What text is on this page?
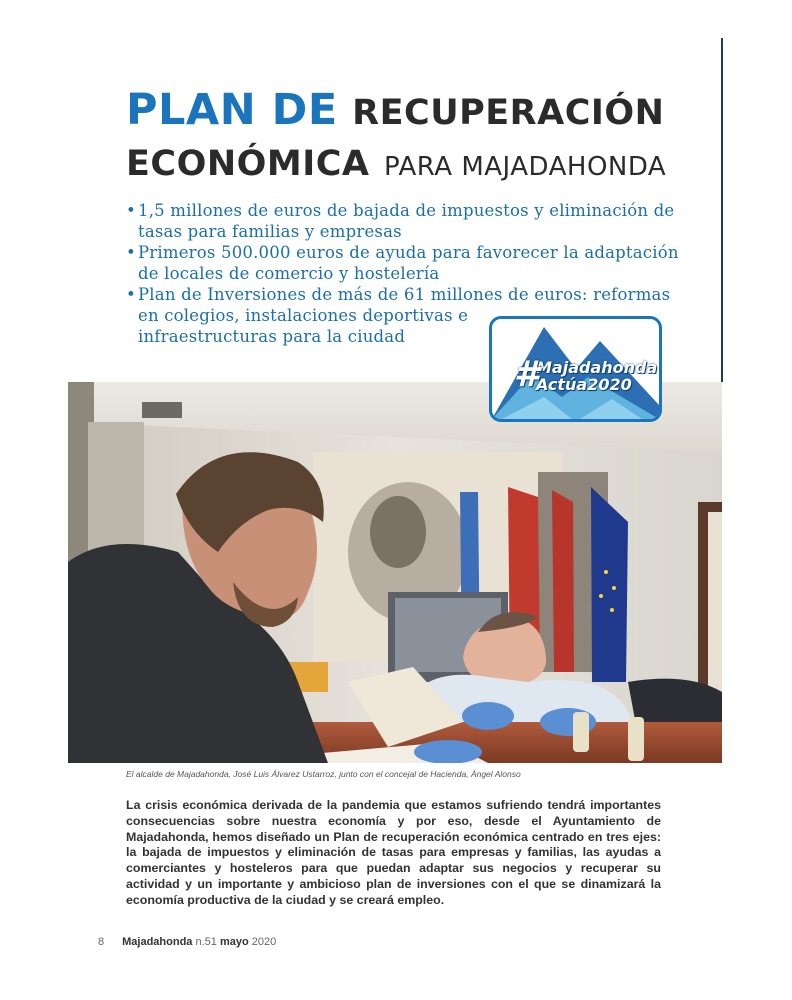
PLAN DE RECUPERACIÓN
ECONÓMICA PARA MAJADAHONDA
• 1,5 millones de euros de bajada de impuestos y eliminación de
tasas para familias y empresas
• Primeros 500.000 euros de ayuda para favorecer la adaptación
de locales de comercio y hostelería
• Plan de Inversiones de más de 61 millones de euros: reformas
en colegios, instalaciones deportivas e
infraestructuras para la ciudad
#
Majadahonda
Actúa2020
El alcalde de Majadahonda, José Luis Álvarez Ustarroz, junto con el concejal de Hacienda, Ángel Alonso

La crisis económica derivada de la pandemia que estamos sufriendo tendrá importantes consecuencias sobre nuestra economía y por eso, desde el Ayuntamiento de Majadahonda, hemos diseñado un Plan de recuperación económica centrado en tres ejes: la bajada de impuestos y eliminación de tasas para empresas y familias, las ayudas a comerciantes y hosteleros para que puedan adaptar sus negocios y recuperar su actividad y un importante y ambicioso plan de inversiones con el que se dinamizará la economía productiva de la ciudad y se creará empleo.

8 Majadahonda n.51 mayo 2020
